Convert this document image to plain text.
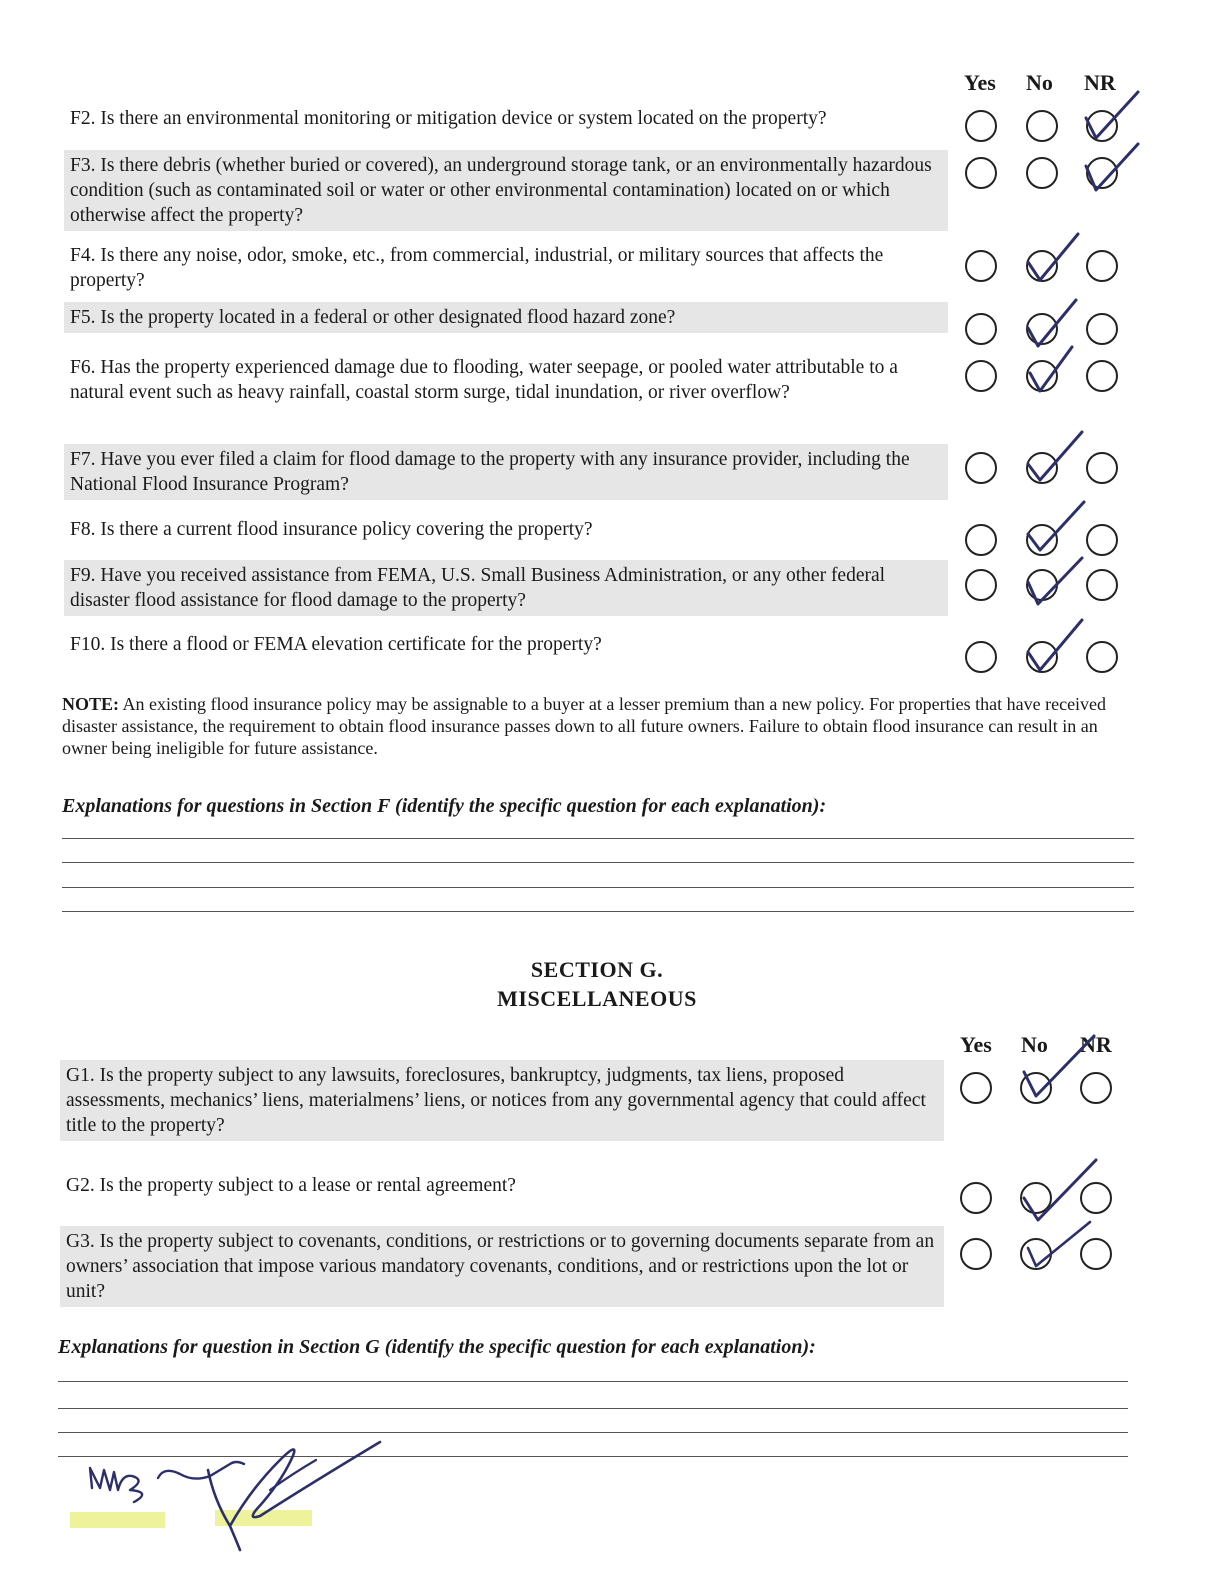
Yes No NR
F2. Is there an environmental monitoring or mitigation device or system located on the property?
F3. Is there debris (whether buried or covered), an underground storage tank, or an environmentally hazardous condition (such as contaminated soil or water or other environmental contamination) located on or which otherwise affect the property?
F4. Is there any noise, odor, smoke, etc., from commercial, industrial, or military sources that affects the property?
F5. Is the property located in a federal or other designated flood hazard zone?
F6. Has the property experienced damage due to flooding, water seepage, or pooled water attributable to a natural event such as heavy rainfall, coastal storm surge, tidal inundation, or river overflow?
F7. Have you ever filed a claim for flood damage to the property with any insurance provider, including the National Flood Insurance Program?
F8. Is there a current flood insurance policy covering the property?
F9. Have you received assistance from FEMA, U.S. Small Business Administration, or any other federal disaster flood assistance for flood damage to the property?
F10. Is there a flood or FEMA elevation certificate for the property?
NOTE: An existing flood insurance policy may be assignable to a buyer at a lesser premium than a new policy. For properties that have received disaster assistance, the requirement to obtain flood insurance passes down to all future owners. Failure to obtain flood insurance can result in an owner being ineligible for future assistance.
Explanations for questions in Section F (identify the specific question for each explanation):
SECTION G.
MISCELLANEOUS
Yes No NR
G1. Is the property subject to any lawsuits, foreclosures, bankruptcy, judgments, tax liens, proposed assessments, mechanics’ liens, materialmens’ liens, or notices from any governmental agency that could affect title to the property?
G2. Is the property subject to a lease or rental agreement?
G3. Is the property subject to covenants, conditions, or restrictions or to governing documents separate from an owners’ association that impose various mandatory covenants, conditions, and or restrictions upon the lot or unit?
Explanations for question in Section G (identify the specific question for each explanation):
